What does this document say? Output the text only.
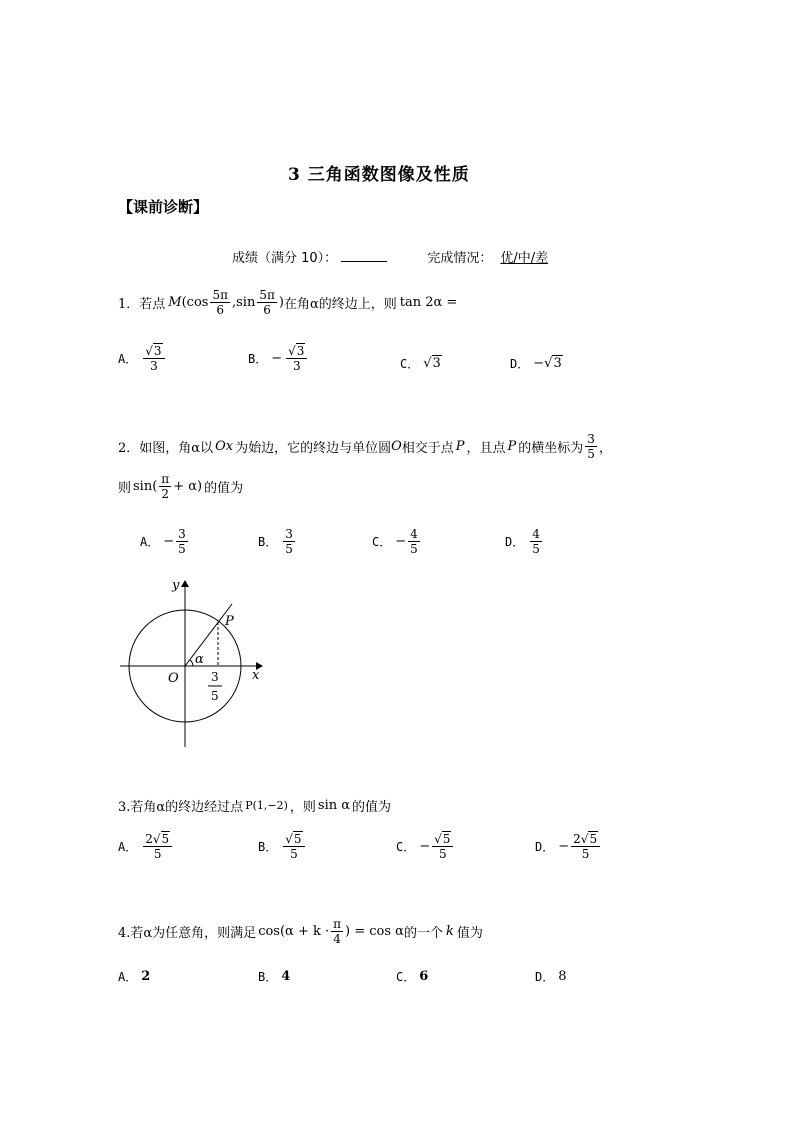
3 三角函数图像及性质
【课前诊断】
成绩（满分 10）：	完成情况： 优/中/差
1．若点 M ( $\cos \frac{5\pi}{6}$ , $\sin \frac{5\pi}{6}$ ) 在角α的终边上，则 tan 2α =
A． $\frac{√3}{3}$	B． − $\frac{√3}{3}$	C． √ 3	D． − √ 3
2．如图，角α以 Ox 为始边，它的终边与单位圆 O 相交于点 P ，且点 P 的横坐标为 $\frac{3}{5}$ ，
则 $\sin( \frac{\pi}{2} + \alpha)$ 的值为
A． − $\frac{3}{5}$	B． $\frac{3}{5}$	C． − $\frac{4}{5}$	D． $\frac{4}{5}$
y
x
O
P
α
3
5
3.若角α的终边经过点 P(1,−2) ，则 sin α 的值为
A． $\frac{2√5}{5}$	B． $\frac{√5}{5}$	C． − $\frac{√5}{5}$	D． − $\frac{2√5}{5}$
4.若α为任意角，则满足 $\cos(\alpha + k \cdot \frac{\pi}{4}$ ) = cos α 的一个 k 值为
A． 2	B． 4	C． 6	D． 8
